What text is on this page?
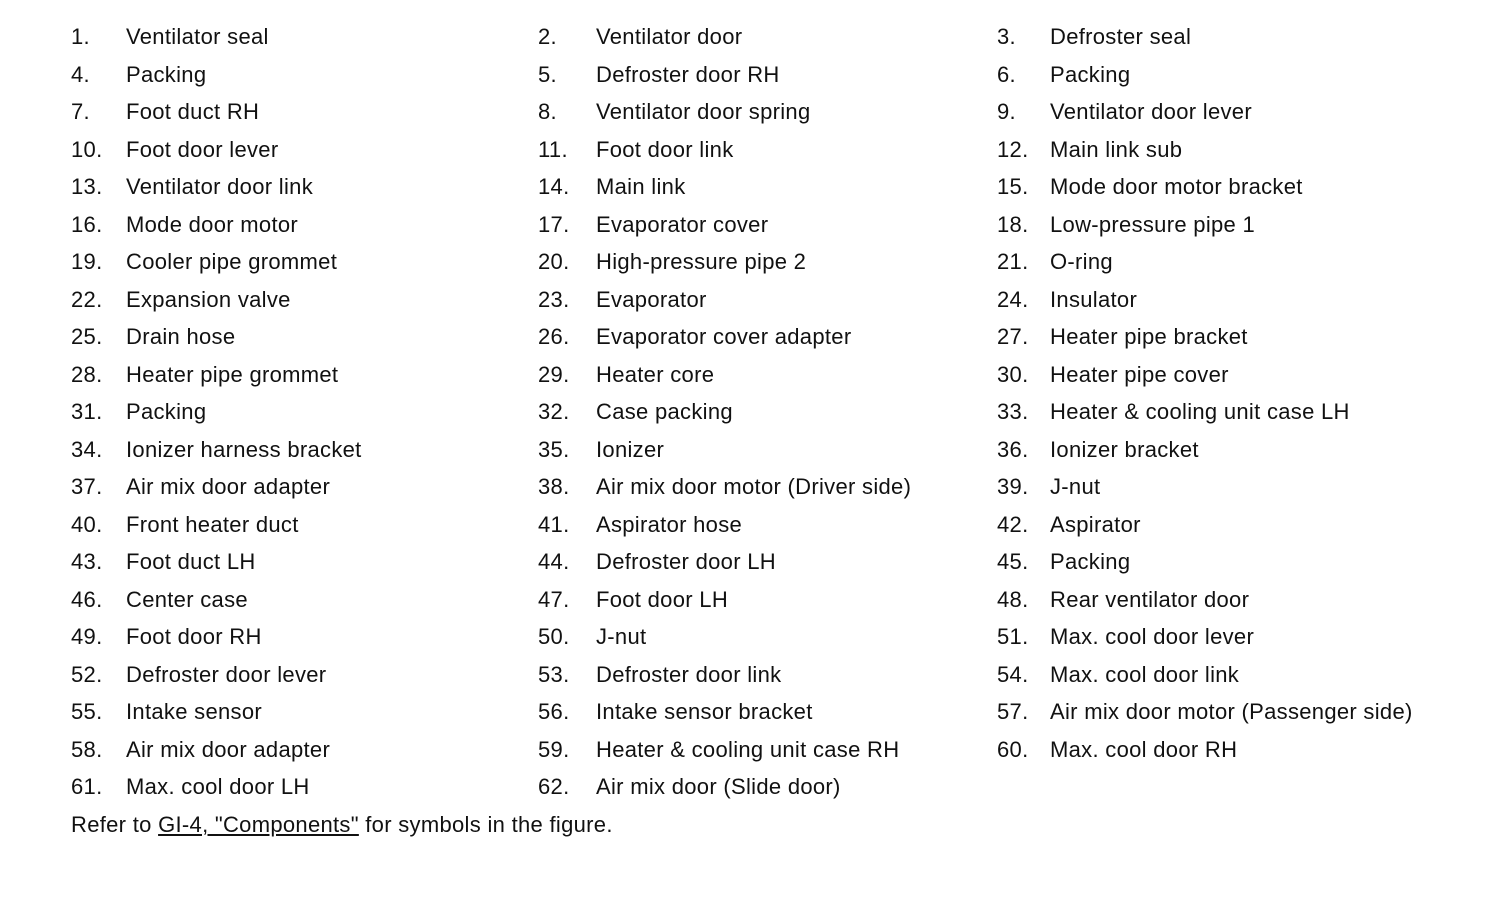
1. Ventilator seal	2. Ventilator door	3. Defroster seal
4. Packing	5. Defroster door RH	6. Packing
7. Foot duct RH	8. Ventilator door spring	9. Ventilator door lever
10. Foot door lever	11. Foot door link	12. Main link sub
13. Ventilator door link	14. Main link	15. Mode door motor bracket
16. Mode door motor	17. Evaporator cover	18. Low-pressure pipe 1
19. Cooler pipe grommet	20. High-pressure pipe 2	21. O-ring
22. Expansion valve	23. Evaporator	24. Insulator
25. Drain hose	26. Evaporator cover adapter	27. Heater pipe bracket
28. Heater pipe grommet	29. Heater core	30. Heater pipe cover
31. Packing	32. Case packing	33. Heater & cooling unit case LH
34. Ionizer harness bracket	35. Ionizer	36. Ionizer bracket
37. Air mix door adapter	38. Air mix door motor (Driver side)	39. J-nut
40. Front heater duct	41. Aspirator hose	42. Aspirator
43. Foot duct LH	44. Defroster door LH	45. Packing
46. Center case	47. Foot door LH	48. Rear ventilator door
49. Foot door RH	50. J-nut	51. Max. cool door lever
52. Defroster door lever	53. Defroster door link	54. Max. cool door link
55. Intake sensor	56. Intake sensor bracket	57. Air mix door motor (Passenger side)
58. Air mix door adapter	59. Heater & cooling unit case RH	60. Max. cool door RH
61. Max. cool door LH	62. Air mix door (Slide door)
Refer to GI-4, "Components" for symbols in the figure.
